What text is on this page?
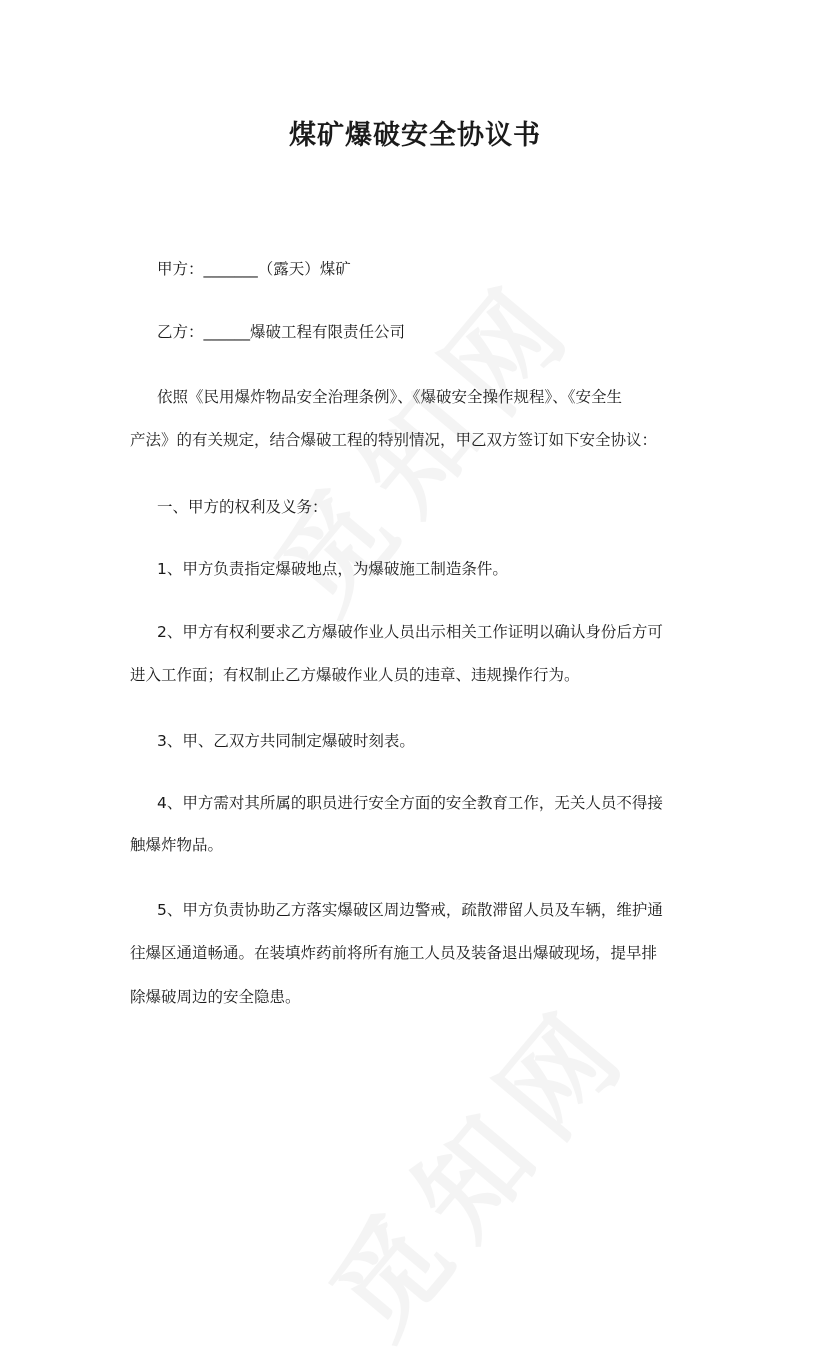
煤矿爆破安全协议书
甲方：_______（露天）煤矿
乙方：______爆破工程有限责任公司
依照《民用爆炸物品安全治理条例》、《爆破安全操作规程》、《安全生
产法》的有关规定，结合爆破工程的特别情况，甲乙双方签订如下安全协议：
一、甲方的权利及义务：
1、甲方负责指定爆破地点，为爆破施工制造条件。
2、甲方有权利要求乙方爆破作业人员出示相关工作证明以确认身份后方可
进入工作面；有权制止乙方爆破作业人员的违章、违规操作行为。
3、甲、乙双方共同制定爆破时刻表。
4、甲方需对其所属的职员进行安全方面的安全教育工作，无关人员不得接
触爆炸物品。
5、甲方负责协助乙方落实爆破区周边警戒，疏散滞留人员及车辆，维护通
往爆区通道畅通。在装填炸药前将所有施工人员及装备退出爆破现场，提早排
除爆破周边的安全隐患。
